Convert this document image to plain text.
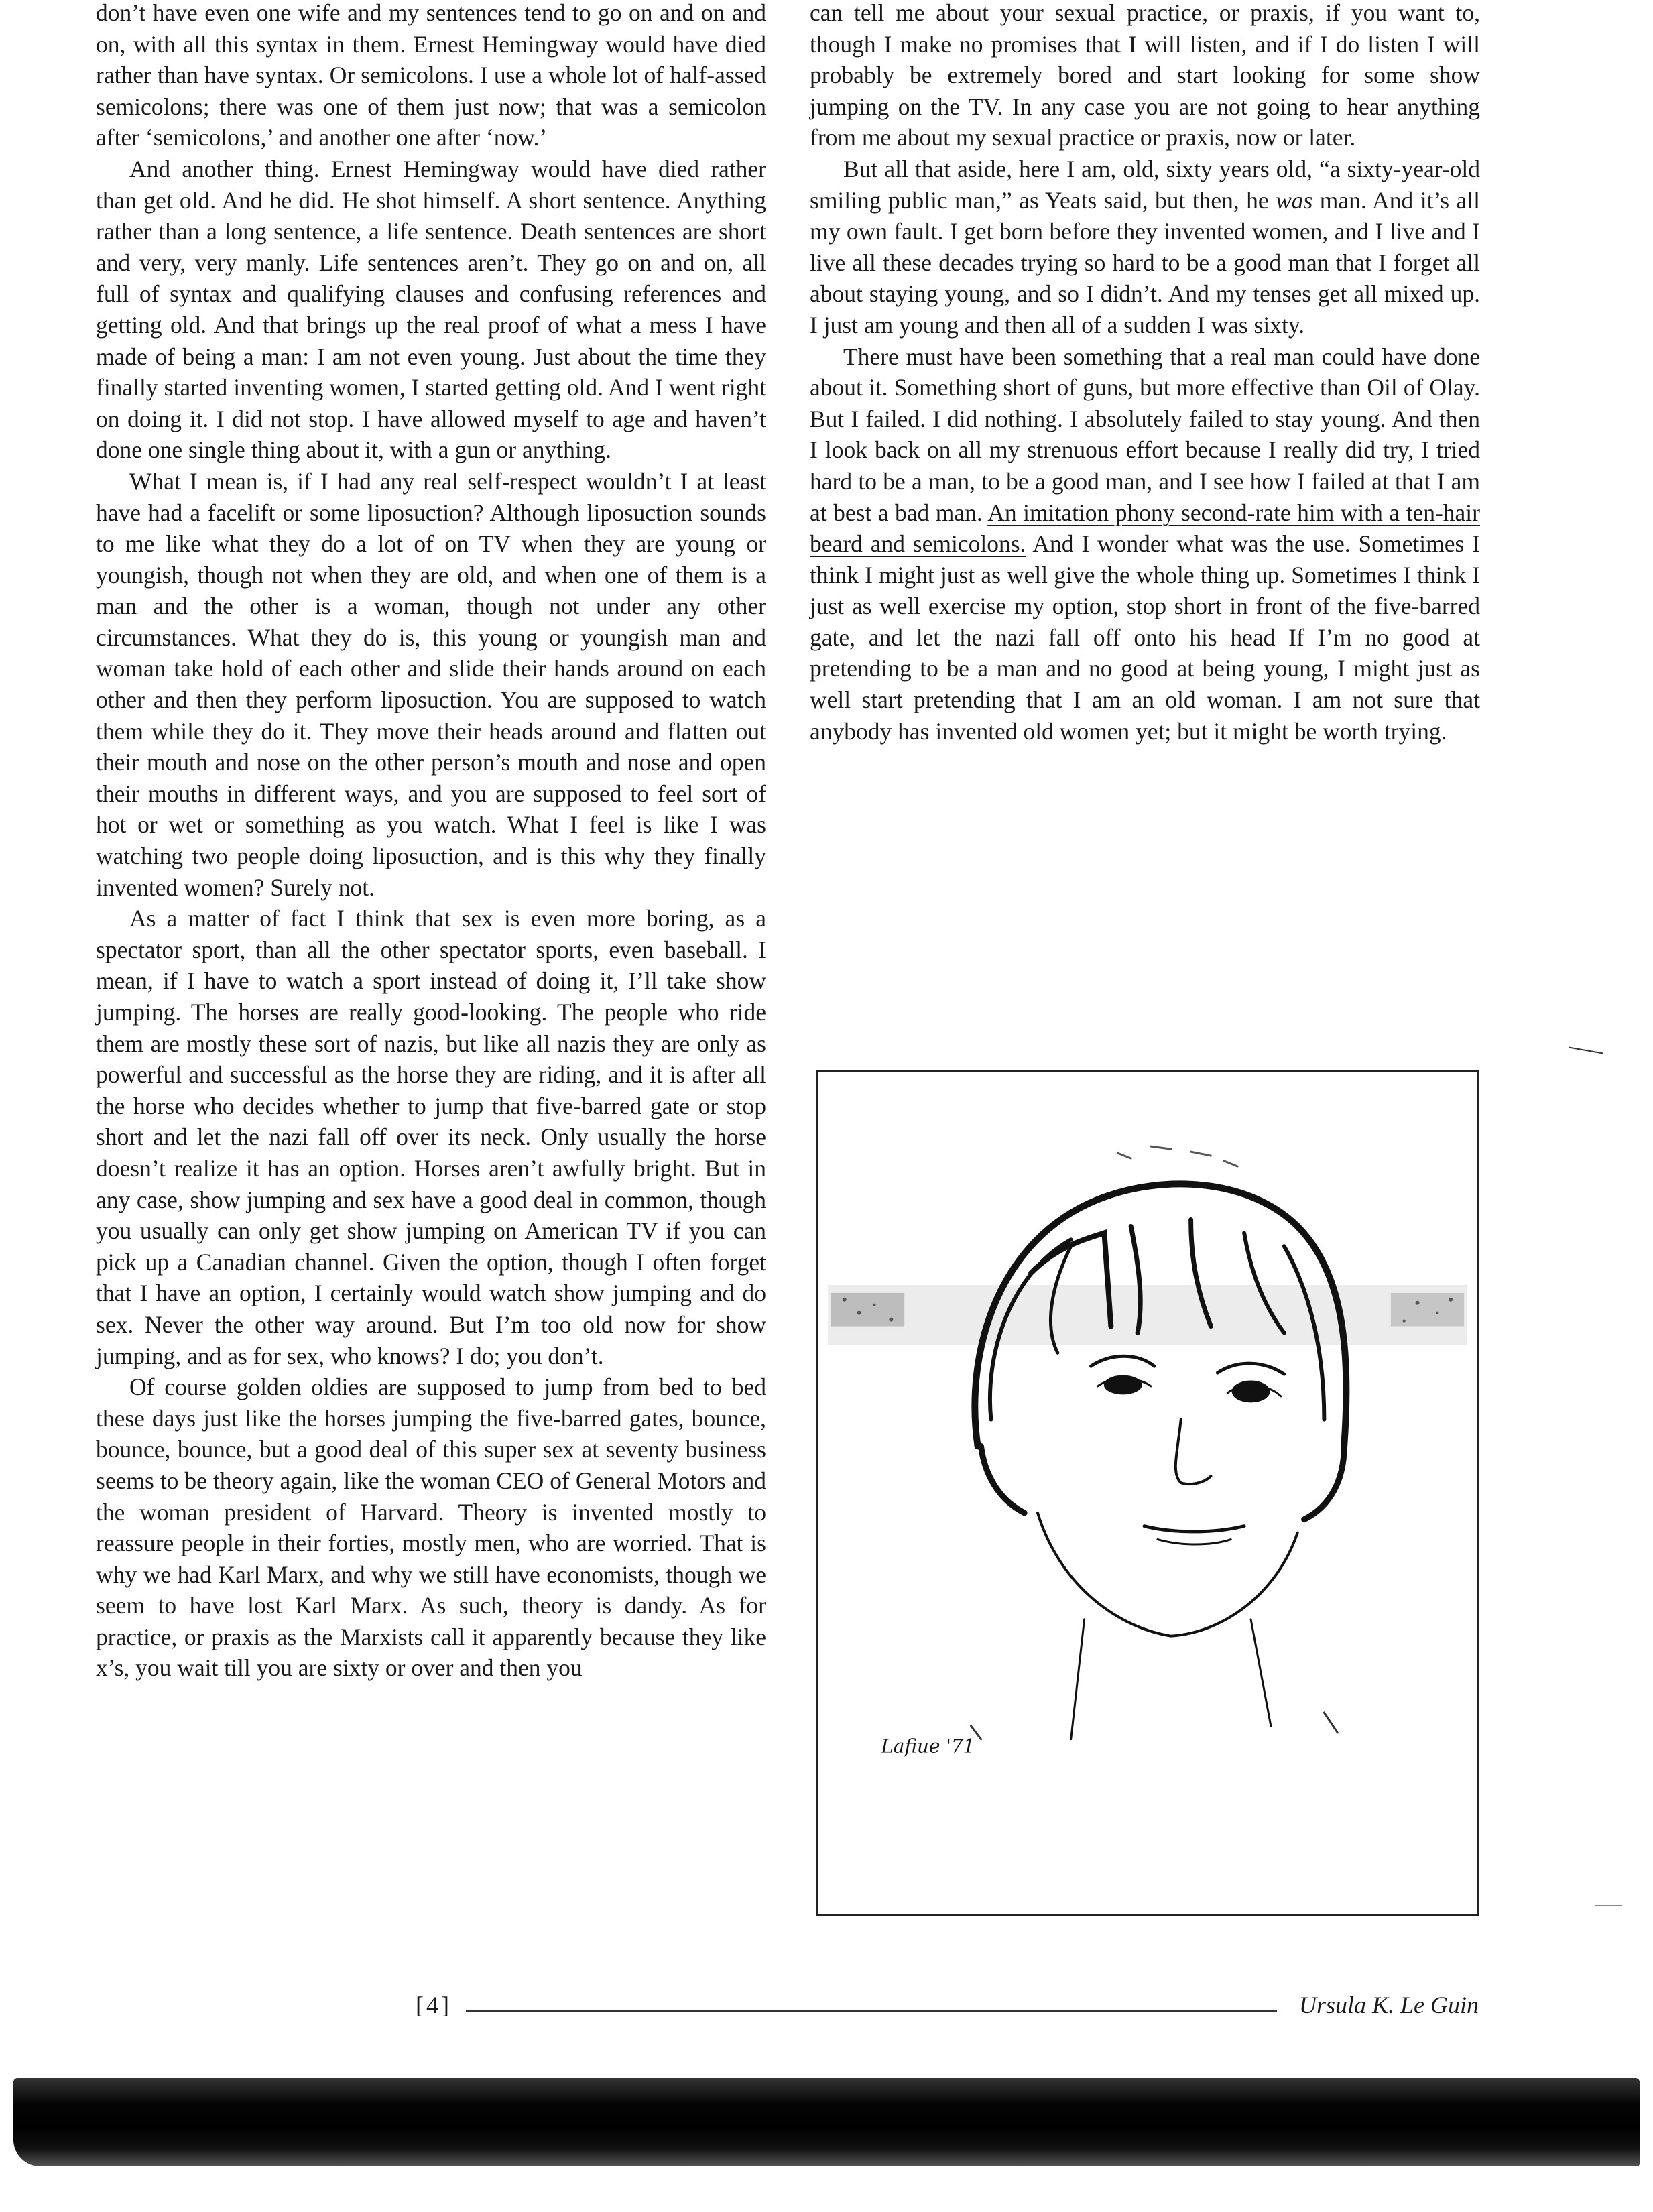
don’t have even one wife and my sentences tend to go on and on and on, with all this syntax in them. Ernest Hemingway would have died rather than have syntax. Or semicolons. I use a whole lot of half-assed semicolons; there was one of them just now; that was a semicolon after ‘semicolons,’ and another one after ‘now.’

And another thing. Ernest Hemingway would have died rather than get old. And he did. He shot himself. A short sentence. Anything rather than a long sentence, a life sentence. Death sentences are short and very, very manly. Life sentences aren’t. They go on and on, all full of syntax and qualifying clauses and confusing references and getting old. And that brings up the real proof of what a mess I have made of being a man: I am not even young. Just about the time they finally started inventing women, I started getting old. And I went right on doing it. I did not stop. I have allowed myself to age and haven’t done one single thing about it, with a gun or anything.

What I mean is, if I had any real self-respect wouldn’t I at least have had a facelift or some liposuction? Although liposuction sounds to me like what they do a lot of on TV when they are young or youngish, though not when they are old, and when one of them is a man and the other is a woman, though not under any other circumstances. What they do is, this young or youngish man and woman take hold of each other and slide their hands around on each other and then they perform liposuction. You are supposed to watch them while they do it. They move their heads around and flatten out their mouth and nose on the other person’s mouth and nose and open their mouths in different ways, and you are supposed to feel sort of hot or wet or something as you watch. What I feel is like I was watching two people doing liposuction, and is this why they finally invented women? Surely not.

As a matter of fact I think that sex is even more boring, as a spectator sport, than all the other spectator sports, even baseball. I mean, if I have to watch a sport instead of doing it, I’ll take show jumping. The horses are really good-looking. The people who ride them are mostly these sort of nazis, but like all nazis they are only as powerful and successful as the horse they are riding, and it is after all the horse who decides whether to jump that five-barred gate or stop short and let the nazi fall off over its neck. Only usually the horse doesn’t realize it has an option. Horses aren’t awfully bright. But in any case, show jumping and sex have a good deal in common, though you usually can only get show jumping on American TV if you can pick up a Canadian channel. Given the option, though I often forget that I have an option, I certainly would watch show jumping and do sex. Never the other way around. But I’m too old now for show jumping, and as for sex, who knows? I do; you don’t.

Of course golden oldies are supposed to jump from bed to bed these days just like the horses jumping the five-barred gates, bounce, bounce, bounce, but a good deal of this super sex at seventy business seems to be theory again, like the woman CEO of General Motors and the woman president of Harvard. Theory is invented mostly to reassure people in their forties, mostly men, who are worried. That is why we had Karl Marx, and why we still have economists, though we seem to have lost Karl Marx. As such, theory is dandy. As for practice, or praxis as the Marxists call it apparently because they like x’s, you wait till you are sixty or over and then you

can tell me about your sexual practice, or praxis, if you want to, though I make no promises that I will listen, and if I do listen I will probably be extremely bored and start looking for some show jumping on the TV. In any case you are not going to hear anything from me about my sexual practice or praxis, now or later.

But all that aside, here I am, old, sixty years old, “a sixty-year-old smiling public man,” as Yeats said, but then, he was man. And it’s all my own fault. I get born before they invented women, and I live and I live all these decades trying so hard to be a good man that I forget all about staying young, and so I didn’t. And my tenses get all mixed up. I just am young and then all of a sudden I was sixty.

There must have been something that a real man could have done about it. Something short of guns, but more effective than Oil of Olay. But I failed. I did nothing. I absolutely failed to stay young. And then I look back on all my strenuous effort because I really did try, I tried hard to be a man, to be a good man, and I see how I failed at that I am at best a bad man. An imitation phony second-rate him with a ten-hair beard and semicolons. And I wonder what was the use. Sometimes I think I might just as well give the whole thing up. Sometimes I think I just as well exercise my option, stop short in front of the five-barred gate, and let the nazi fall off onto his head If I’m no good at pretending to be a man and no good at being young, I might just as well start pretending that I am an old woman. I am not sure that anybody has invented old women yet; but it might be worth trying.

Lafiue '71
[4]	Ursula K. Le Guin
